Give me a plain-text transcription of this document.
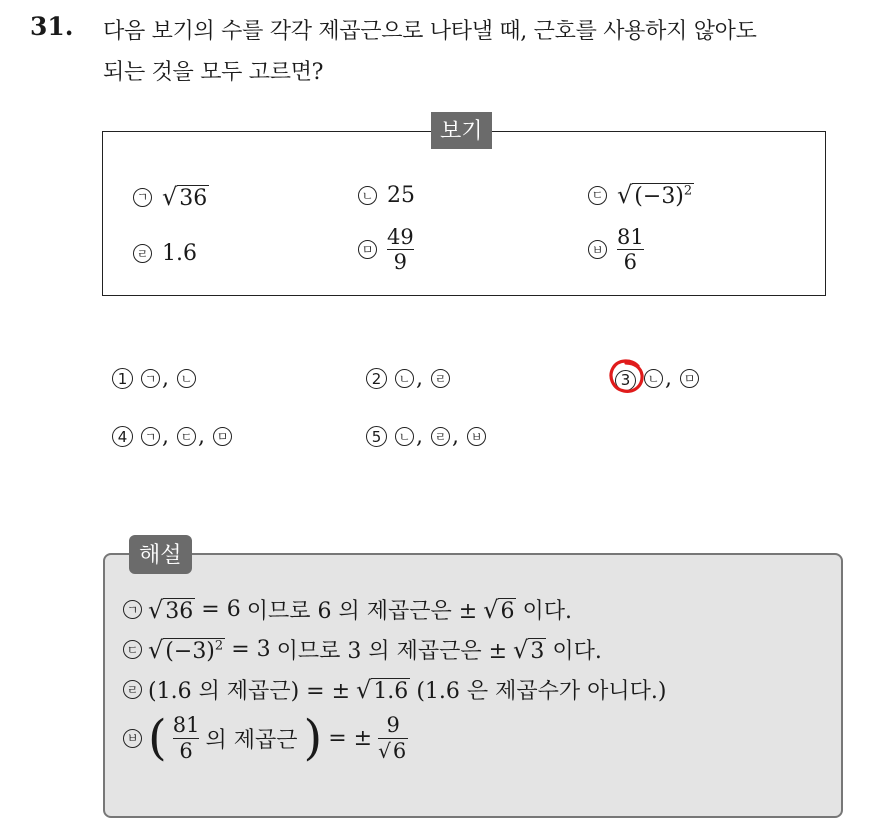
31. 다음 보기의 수를 각각 제곱근으로 나타낼 때, 근호를 사용하지 않아도
되는 것을 모두 고르면?
보기
ㄱ √36	ㄴ 25	ㄷ $√(-3)^2$
ㄹ 1.6	ㅁ $\frac{49}{9}$	ㅂ $\frac{81}{6}$
1	ㄱ , ㄴ	2	ㄴ , ㄹ	3	ㄴ , ㅁ
4	ㄱ , ㄷ , ㅁ	5	ㄴ , ㄹ , ㅂ
해설
ㄱ √36 = 6 이므로 6 의 제곱근은 ± √6 이다.
ㄷ $√(-3)^2 = 3$ 이므로 3 의 제곱근은 ± √3 이다.
ㄹ (1.6 의 제곱근) = ± √1.6 (1.6 은 제곱수가 아니다.)
ㅂ ( $\frac{81}{6}$ 의 제곱근 ) = ± $\frac{9}{√6}$
